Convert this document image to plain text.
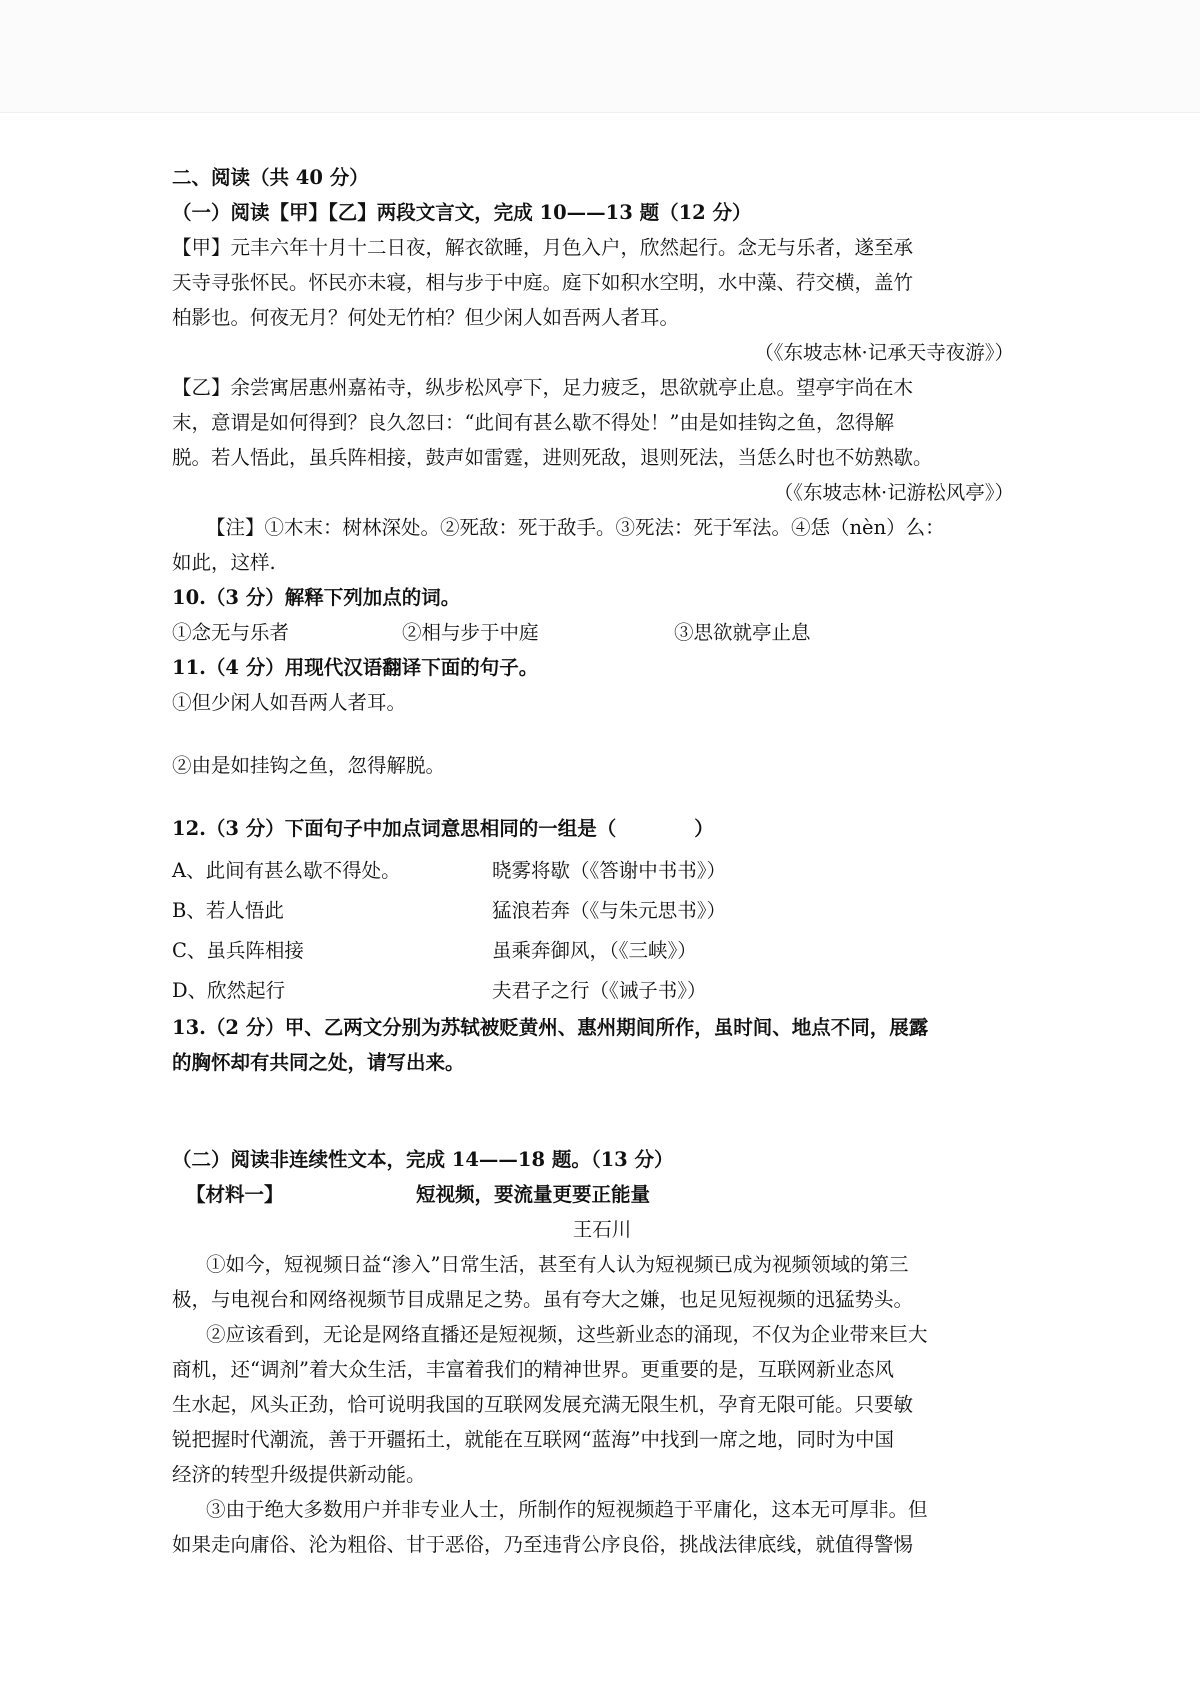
二、阅读（共 40 分）

（一）阅读【甲】【乙】两段文言文，完成 10——13 题（12 分）

【甲】元丰六年十月十二日夜，解衣欲睡，月色入户，欣然起行。念无与乐者，遂至承

天寺寻张怀民。怀民亦未寝，相与步于中庭。庭下如积水空明，水中藻、荇交横，盖竹

柏影也。何夜无月？何处无竹柏？但少闲人如吾两人者耳。

（《东坡志林·记承天寺夜游》）

【乙】余尝寓居惠州嘉祐寺，纵步松风亭下，足力疲乏，思欲就亭止息。望亭宇尚在木

末，意谓是如何得到？良久忽曰：“此间有甚么歇不得处！”由是如挂钩之鱼，忽得解

脱。若人悟此，虽兵阵相接，鼓声如雷霆，进则死敌，退则死法，当恁么时也不妨熟歇。

（《东坡志林·记游松风亭》）

【注】①木末：树林深处。②死敌：死于敌手。③死法：死于军法。④恁（nèn）么：

如此，这样.

10.（3 分）解释下列加点的词。

①念无与乐者	②相与步于中庭	③思欲就亭止息

11.（4 分）用现代汉语翻译下面的句子。

①但少闲人如吾两人者耳。

②由是如挂钩之鱼，忽得解脱。

12.（3 分）下面句子中加点词意思相同的一组是（　　　　）

A、此间有甚么歇不得处。	晓雾将歇（《答谢中书书》）
B、若人悟此	猛浪若奔（《与朱元思书》）
C、虽兵阵相接	虽乘奔御风，（《三峡》）
D、欣然起行	夫君子之行（《诫子书》）

13.（2 分）甲、乙两文分别为苏轼被贬黄州、惠州期间所作，虽时间、地点不同，展露

的胸怀却有共同之处，请写出来。

（二）阅读非连续性文本，完成 14——18 题。（13 分）

【材料一】	短视频，要流量更要正能量

王石川

①如今，短视频日益“渗入”日常生活，甚至有人认为短视频已成为视频领域的第三

极，与电视台和网络视频节目成鼎足之势。虽有夸大之嫌，也足见短视频的迅猛势头。

②应该看到，无论是网络直播还是短视频，这些新业态的涌现，不仅为企业带来巨大

商机，还“调剂”着大众生活，丰富着我们的精神世界。更重要的是，互联网新业态风

生水起，风头正劲，恰可说明我国的互联网发展充满无限生机，孕育无限可能。只要敏

锐把握时代潮流，善于开疆拓土，就能在互联网“蓝海”中找到一席之地，同时为中国

经济的转型升级提供新动能。

③由于绝大多数用户并非专业人士，所制作的短视频趋于平庸化，这本无可厚非。但

如果走向庸俗、沦为粗俗、甘于恶俗，乃至违背公序良俗，挑战法律底线，就值得警惕
